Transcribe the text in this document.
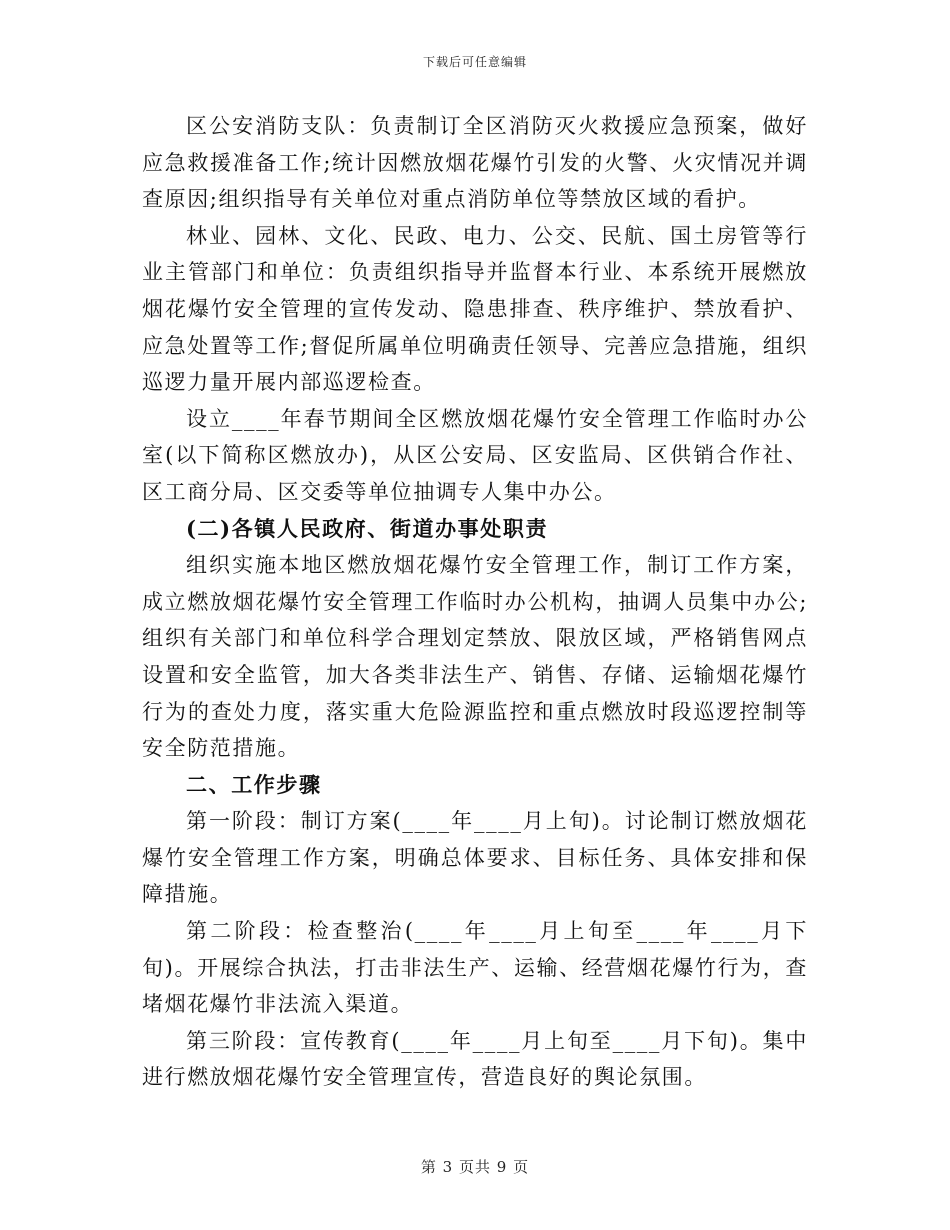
下载后可任意编辑

区公安消防支队：负责制订全区消防灭火救援应急预案，做好应急救援准备工作;统计因燃放烟花爆竹引发的火警、火灾情况并调查原因;组织指导有关单位对重点消防单位等禁放区域的看护。

林业、园林、文化、民政、电力、公交、民航、国土房管等行业主管部门和单位：负责组织指导并监督本行业、本系统开展燃放烟花爆竹安全管理的宣传发动、隐患排查、秩序维护、禁放看护、应急处置等工作;督促所属单位明确责任领导、完善应急措施，组织巡逻力量开展内部巡逻检查。

设立____年春节期间全区燃放烟花爆竹安全管理工作临时办公室(以下简称区燃放办)，从区公安局、区安监局、区供销合作社、区工商分局、区交委等单位抽调专人集中办公。

(二)各镇人民政府、街道办事处职责

组织实施本地区燃放烟花爆竹安全管理工作，制订工作方案，成立燃放烟花爆竹安全管理工作临时办公机构，抽调人员集中办公;组织有关部门和单位科学合理划定禁放、限放区域，严格销售网点设置和安全监管，加大各类非法生产、销售、存储、运输烟花爆竹行为的查处力度，落实重大危险源监控和重点燃放时段巡逻控制等安全防范措施。

二、工作步骤

第一阶段：制订方案(____年____月上旬)。讨论制订燃放烟花爆竹安全管理工作方案，明确总体要求、目标任务、具体安排和保障措施。

第二阶段：检查整治(____年____月上旬至____年____月下旬)。开展综合执法，打击非法生产、运输、经营烟花爆竹行为，查堵烟花爆竹非法流入渠道。

第三阶段：宣传教育(____年____月上旬至____月下旬)。集中进行燃放烟花爆竹安全管理宣传，营造良好的舆论氛围。

第 3 页共 9 页
